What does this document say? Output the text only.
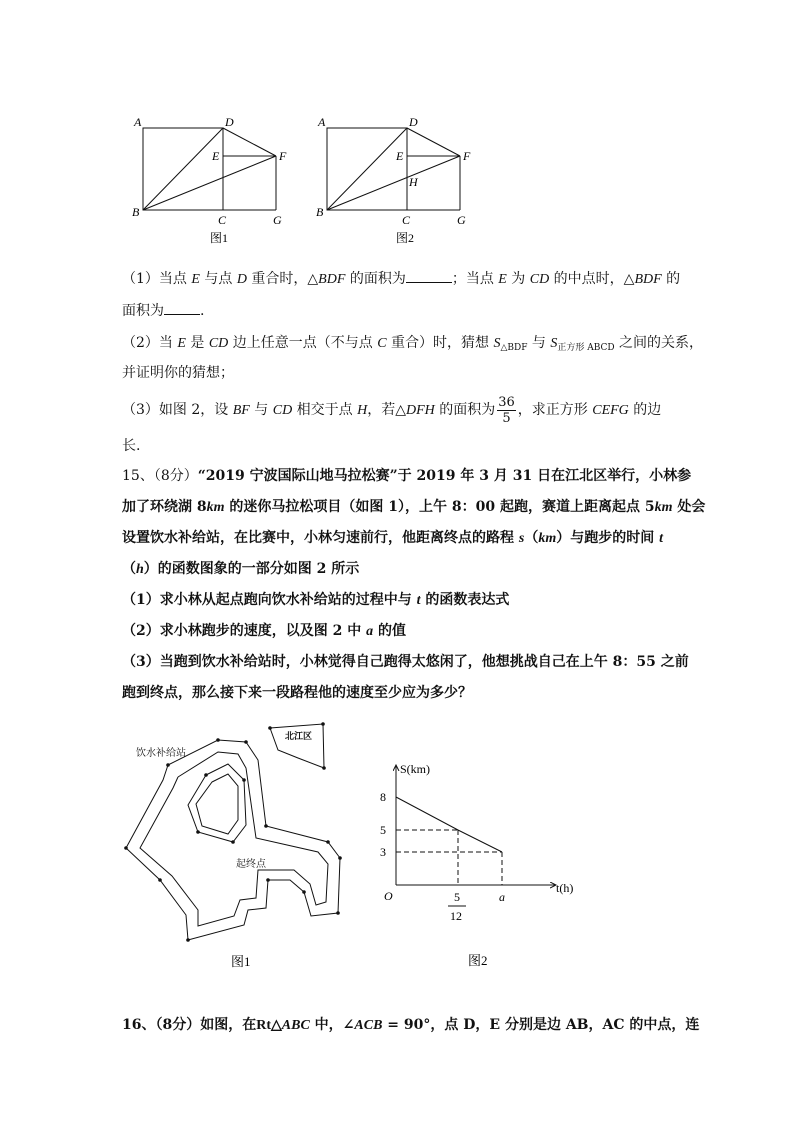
A	D
E	F
B
C	G
图1
A	D
E	F
H
B
C	G
图2
（1）当点 E 与点 D 重合时，△BDF 的面积为	；当点 E 为 CD 的中点时，△BDF 的
面积为	.
（2）当 E 是 CD 边上任意一点（不与点 C 重合）时，猜想 $S_{\triangle BDF}$ 与 $S_{正方形 ABCD}$ 之间的关系，
并证明你的猜想；
（3）如图 2，设 BF 与 CD 相交于点 H，若△DFH 的面积为 $\frac{36}{5}$ ，求正方形 CEFG 的边
长.
15、（8分）“2019 宁波国际山地马拉松赛”于 2019 年 3 月 31 日在江北区举行，小林参
加了环绕湖 8km 的迷你马拉松项目（如图 1），上午 8：00 起跑，赛道上距离起点 5km 处会
设置饮水补给站，在比赛中，小林匀速前行，他距离终点的路程 s（km）与跑步的时间 t
（h）的函数图象的一部分如图 2 所示
（1）求小林从起点跑向饮水补给站的过程中与 t 的函数表达式
（2）求小林跑步的速度，以及图 2 中 a 的值
（3）当跑到饮水补给站时，小林觉得自己跑得太悠闲了，他想挑战自己在上午 8：55 之前
跑到终点，那么接下来一段路程他的速度至少应为多少？
饮水补给站
北江区
起终点
图1
S(km)
t(h)
O
8
5
3
5
12
a
图2
16、（8分）如图，在Rt△ABC 中，∠ACB = 90°，点 D，E 分别是边 AB，AC 的中点，连
